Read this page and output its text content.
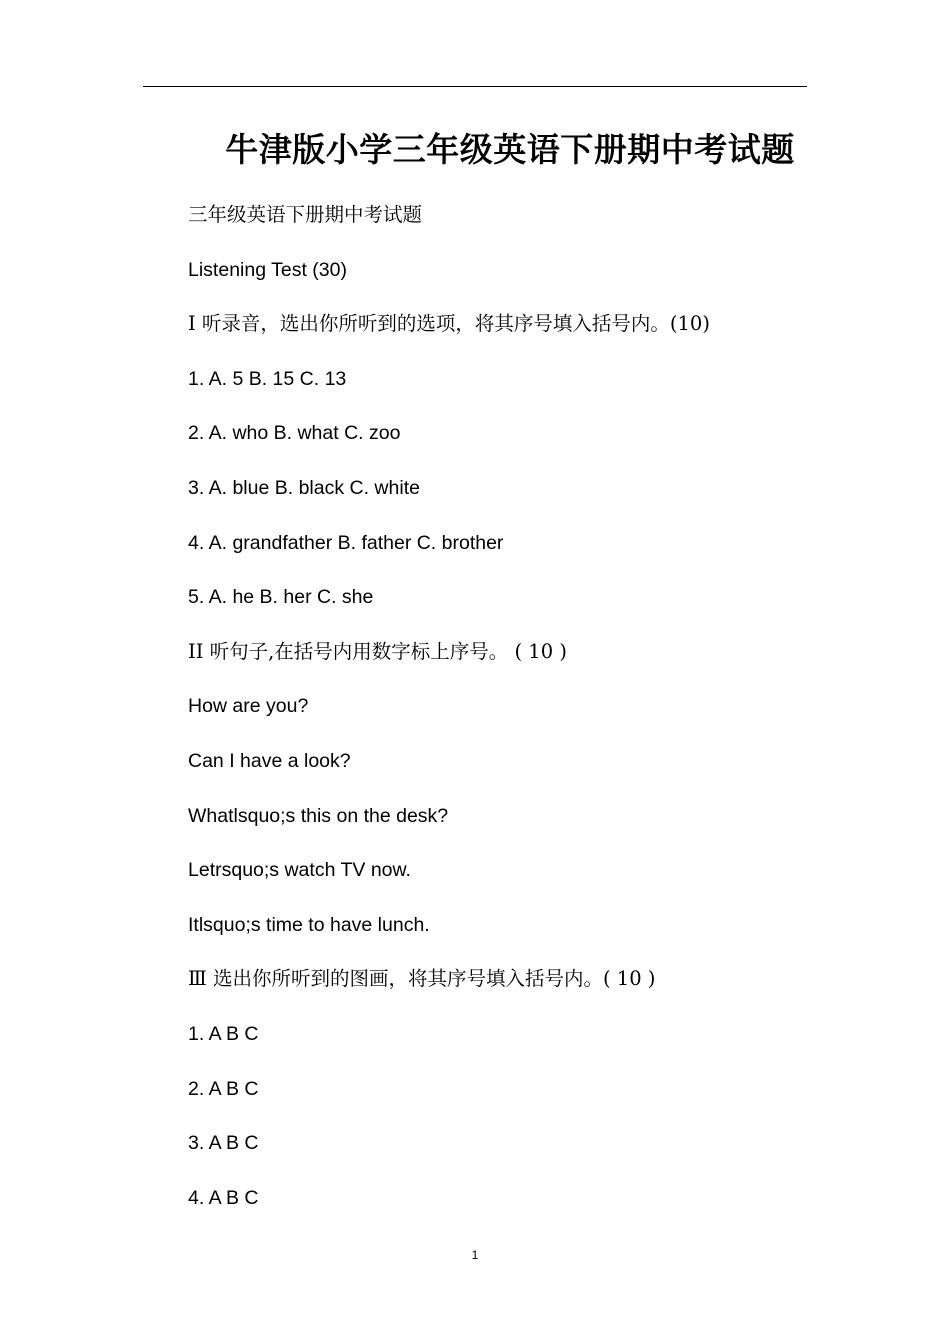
牛津版小学三年级英语下册期中考试题
三年级英语下册期中考试题
Listening Test (30)
I 听录音，选出你所听到的选项，将其序号填入括号内。(10)
1. A. 5 B. 15 C. 13
2. A. who B. what C. zoo
3. A. blue B. black C. white
4. A. grandfather B. father C. brother
5. A. he B. her C. she
II 听句子,在括号内用数字标上序号。 ( 10 )
How are you?
Can I have a look?
Whatlsquo;s this on the desk?
Letrsquo;s watch TV now.
Itlsquo;s time to have lunch.
Ⅲ 选出你所听到的图画，将其序号填入括号内。( 10 )
1. A B C
2. A B C
3. A B C
4. A B C
1
